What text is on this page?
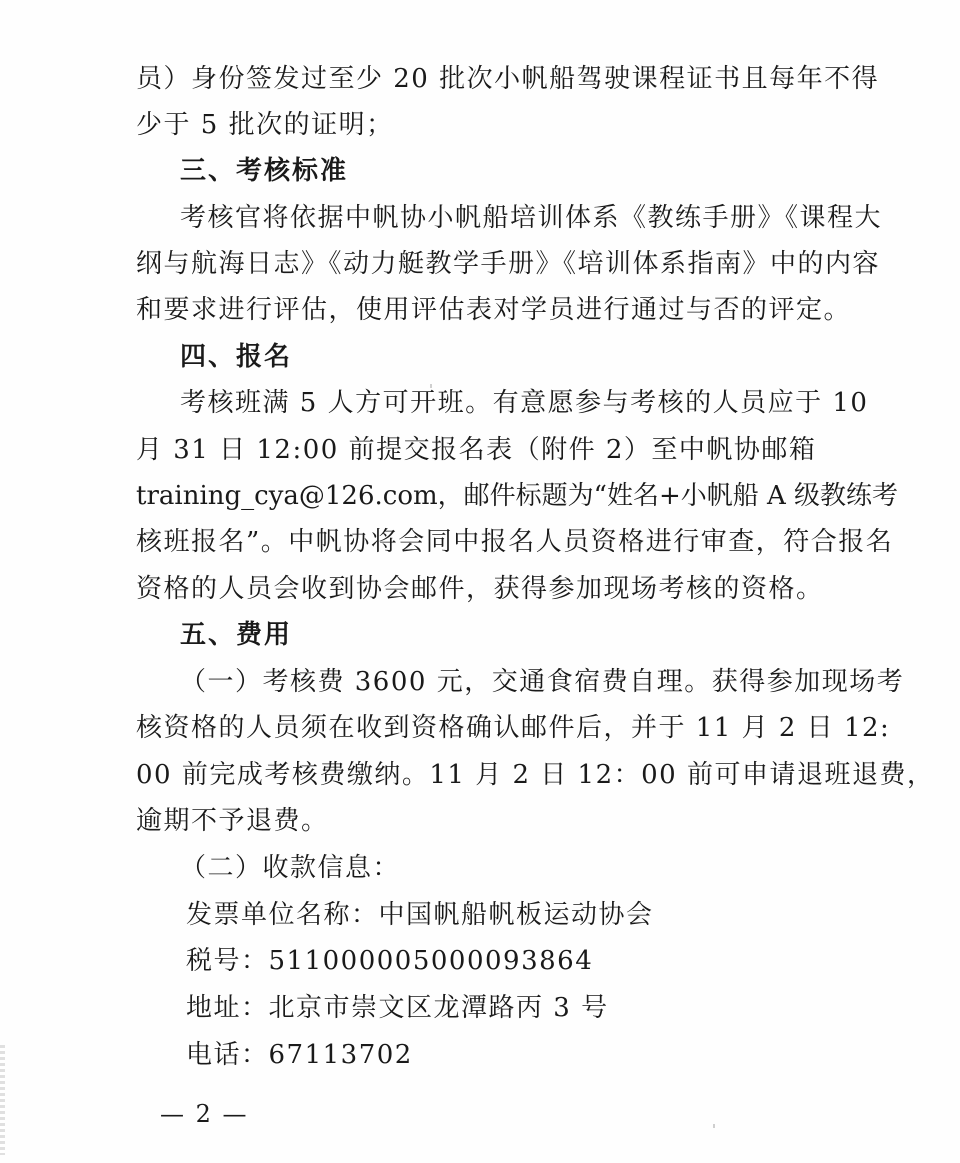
员）身份签发过至少 20 批次小帆船驾驶课程证书且每年不得
少于 5 批次的证明；
三、考核标准
考核官将依据中帆协小帆船培训体系《教练手册》《课程大
纲与航海日志》《动力艇教学手册》《培训体系指南》中的内容
和要求进行评估，使用评估表对学员进行通过与否的评定。
四、报名
考核班满 5 人方可开班。有意愿参与考核的人员应于 10
月 31 日 12:00 前提交报名表（附件 2）至中帆协邮箱
training_cya@126.com，邮件标题为“姓名+小帆船 A 级教练考
核班报名”。中帆协将会同中报名人员资格进行审查，符合报名
资格的人员会收到协会邮件，获得参加现场考核的资格。
五、费用
（一）考核费 3600 元，交通食宿费自理。获得参加现场考
核资格的人员须在收到资格确认邮件后，并于 11 月 2 日 12:
00 前完成考核费缴纳。11 月 2 日 12：00 前可申请退班退费，
逾期不予退费。
（二）收款信息：
发票单位名称：中国帆船帆板运动协会
税号：511000005000093864
地址：北京市崇文区龙潭路丙 3 号
电话：67113702
— 2 —
